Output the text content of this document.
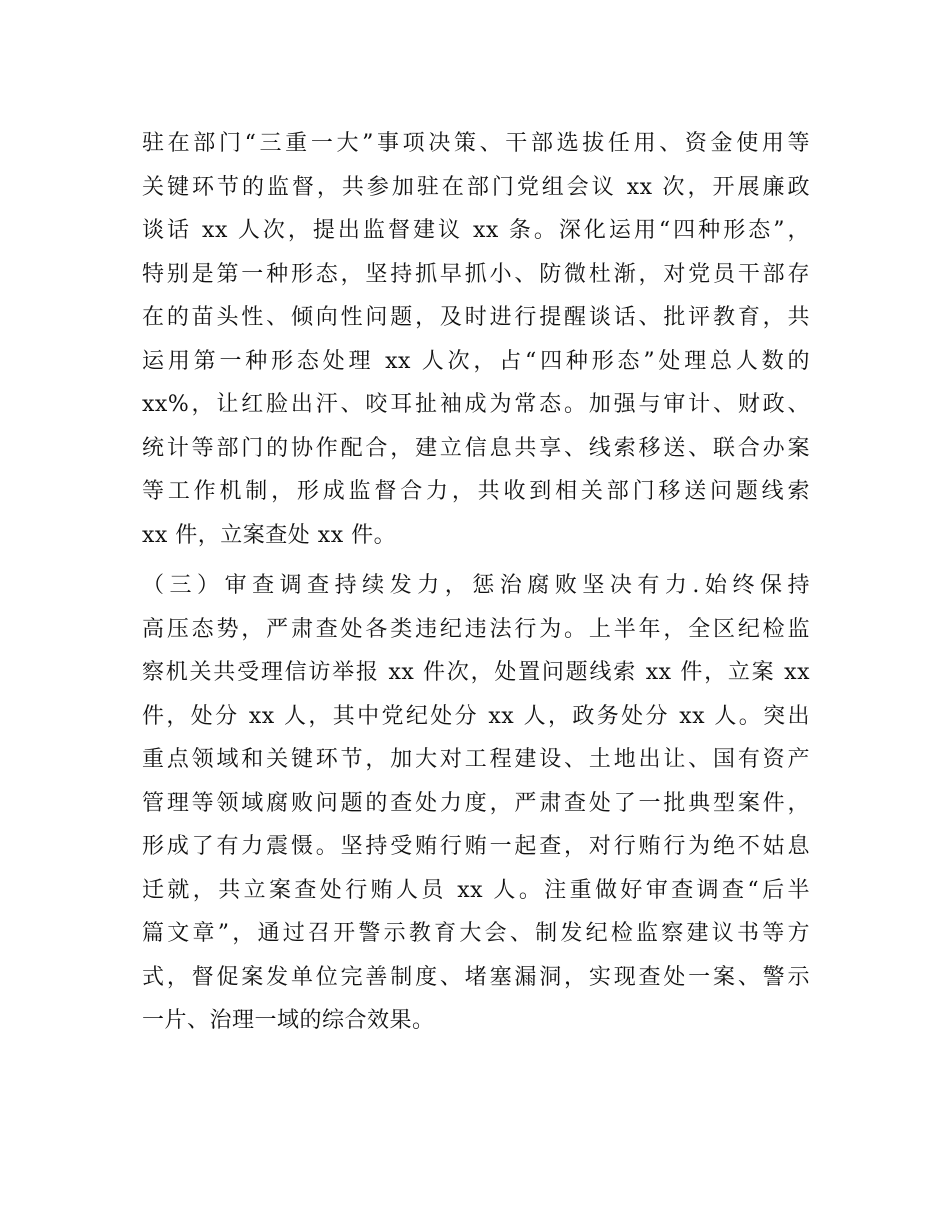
驻在部门“三重一大”事项决策、干部选拔任用、资金使用等
关键环节的监督，共参加驻在部门党组会议 xx 次，开展廉政
谈话 xx 人次，提出监督建议 xx 条。深化运用“四种形态”，
特别是第一种形态，坚持抓早抓小、防微杜渐，对党员干部存
在的苗头性、倾向性问题，及时进行提醒谈话、批评教育，共
运用第一种形态处理 xx 人次，占“四种形态”处理总人数的
xx%，让红脸出汗、咬耳扯袖成为常态。加强与审计、财政、
统计等部门的协作配合，建立信息共享、线索移送、联合办案
等工作机制，形成监督合力，共收到相关部门移送问题线索
xx 件，立案查处 xx 件。
（三）审查调查持续发力，惩治腐败坚决有力.始终保持
高压态势，严肃查处各类违纪违法行为。上半年，全区纪检监
察机关共受理信访举报 xx 件次，处置问题线索 xx 件，立案 xx
件，处分 xx 人，其中党纪处分 xx 人，政务处分 xx 人。突出
重点领域和关键环节，加大对工程建设、土地出让、国有资产
管理等领域腐败问题的查处力度，严肃查处了一批典型案件，
形成了有力震慑。坚持受贿行贿一起查，对行贿行为绝不姑息
迁就，共立案查处行贿人员 xx 人。注重做好审查调查“后半
篇文章”，通过召开警示教育大会、制发纪检监察建议书等方
式，督促案发单位完善制度、堵塞漏洞，实现查处一案、警示
一片、治理一域的综合效果。
